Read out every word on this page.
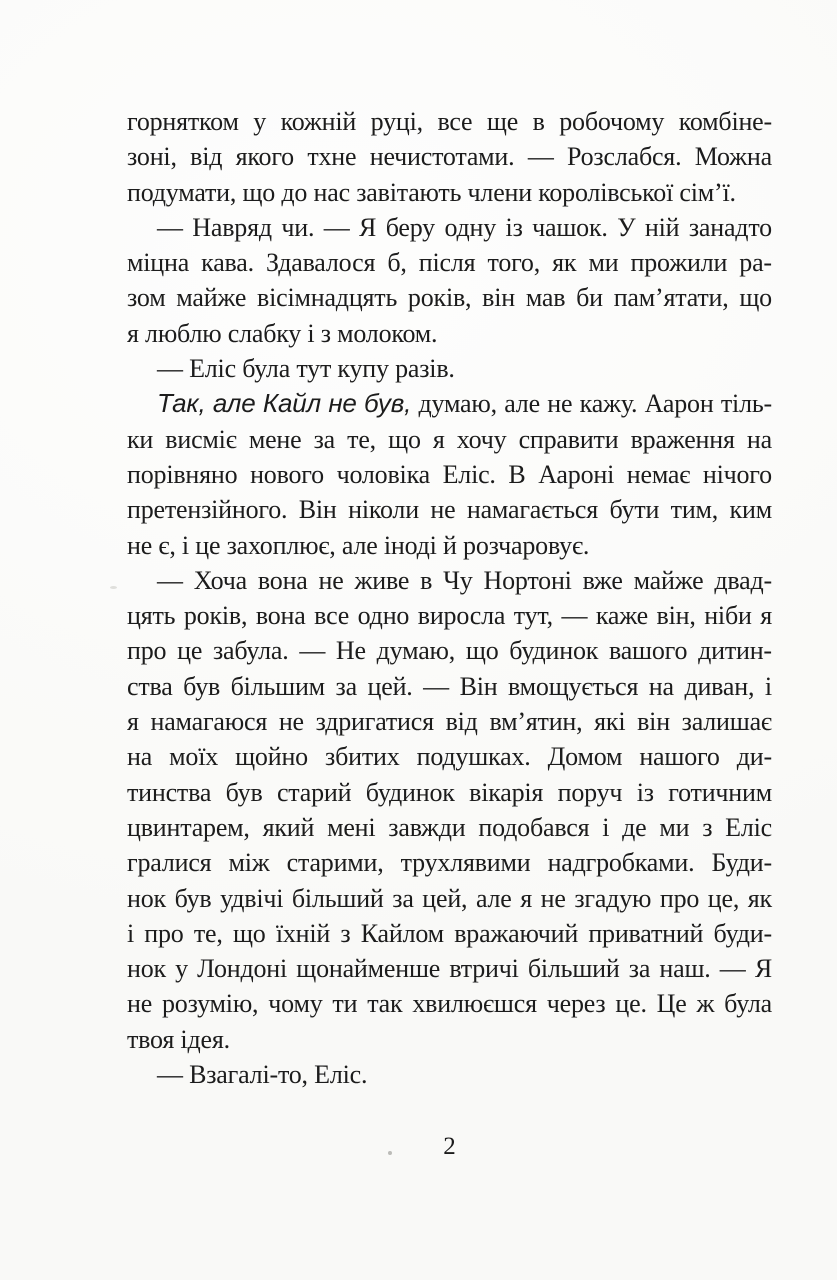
горнятком у кожній руці, все ще в робочому комбіне-
зоні, від якого тхне нечистотами. — Розслабся. Можна
подумати, що до нас завітають члени королівської сім’ї.
— Навряд чи. — Я беру одну із чашок. У ній занадто
міцна кава. Здавалося б, після того, як ми прожили ра-
зом майже вісімнадцять років, він мав би пам’ятати, що
я люблю слабку і з молоком.
— Еліс була тут купу разів.
Так, але Кайл не був, думаю, але не кажу. Аарон тіль-
ки висміє мене за те, що я хочу справити враження на
порівняно нового чоловіка Еліс. В Аароні немає нічого
претензійного. Він ніколи не намагається бути тим, ким
не є, і це захоплює, але іноді й розчаровує.
— Хоча вона не живе в Чу Нортоні вже майже двад-
цять років, вона все одно виросла тут, — каже він, ніби я
про це забула. — Не думаю, що будинок вашого дитин-
ства був більшим за цей. — Він вмощується на диван, і
я намагаюся не здригатися від вм’ятин, які він залишає
на моїх щойно збитих подушках. Домом нашого ди-
тинства був старий будинок вікарія поруч із готичним
цвинтарем, який мені завжди подобався і де ми з Еліс
гралися між старими, трухлявими надгробками. Буди-
нок був удвічі більший за цей, але я не згадую про це, як
і про те, що їхній з Кайлом вражаючий приватний буди-
нок у Лондоні щонайменше втричі більший за наш. — Я
не розумію, чому ти так хвилюєшся через це. Це ж була
твоя ідея.
— Взагалі-то, Еліс.
2
